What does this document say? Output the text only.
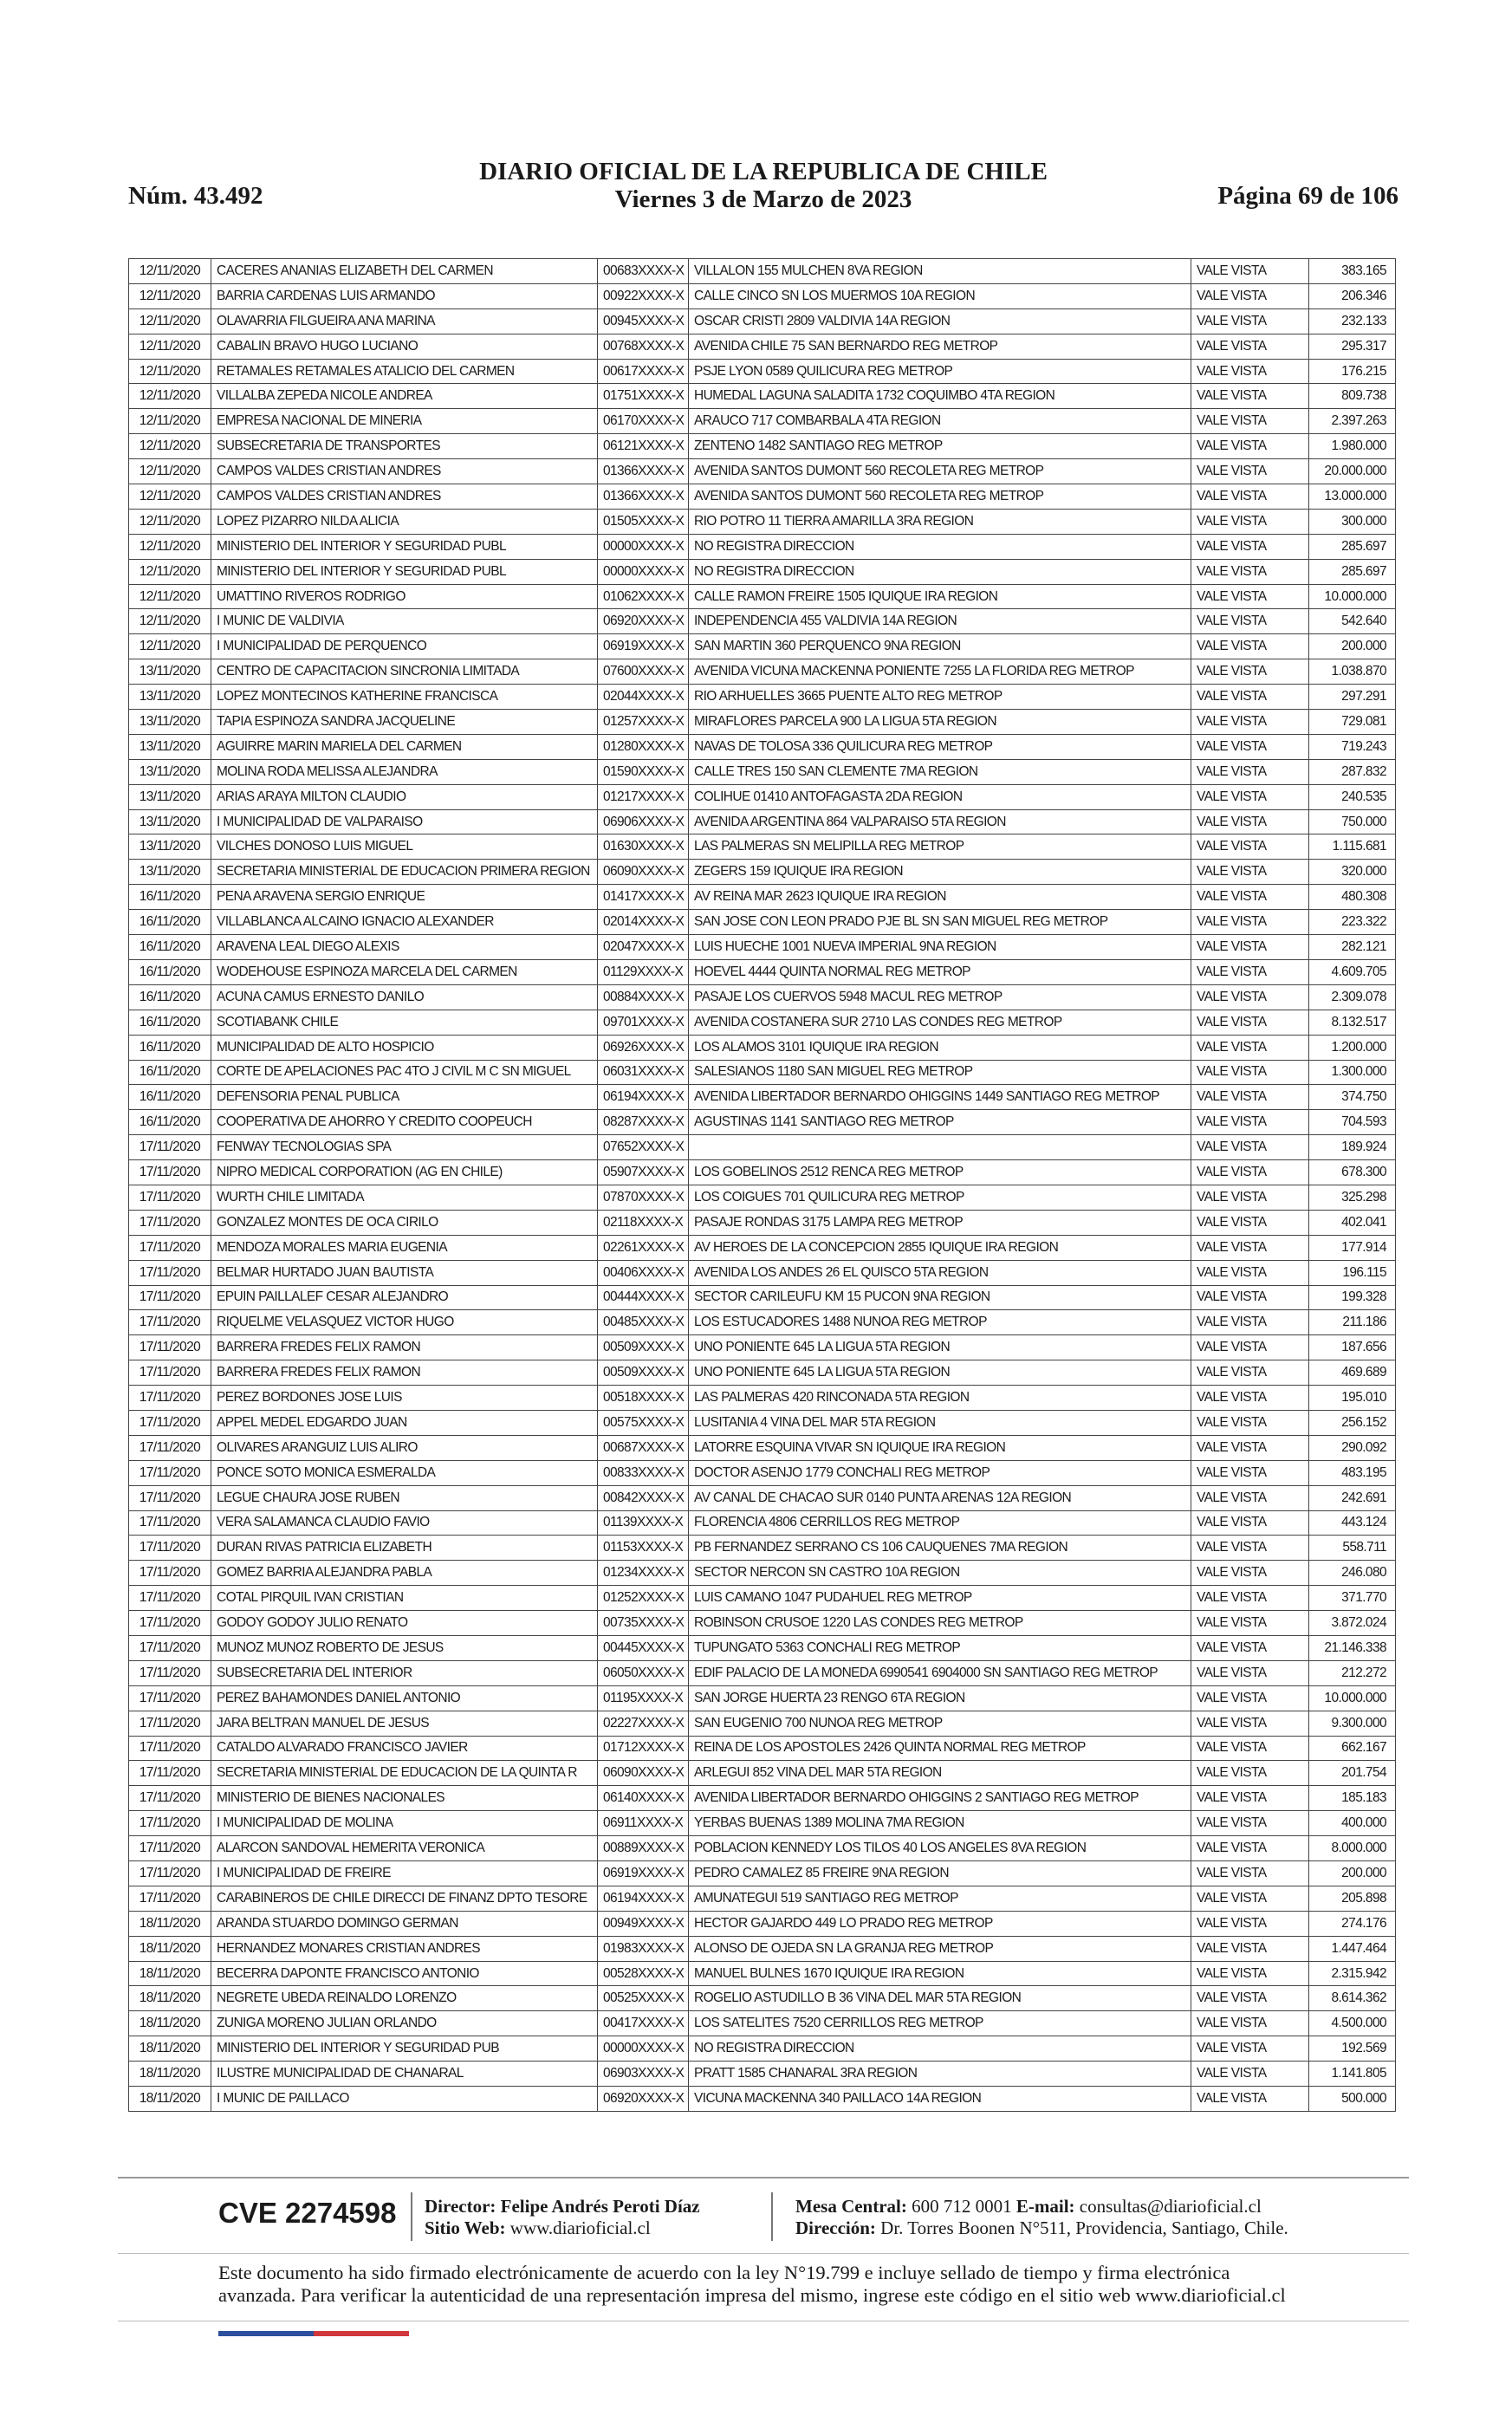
Núm. 43.492
DIARIO OFICIAL DE LA REPUBLICA DE CHILE
Viernes 3 de Marzo de 2023	Página 69 de 106
12/11/2020	CACERES ANANIAS ELIZABETH DEL CARMEN	00683XXXX-X	VILLALON 155 MULCHEN 8VA REGION	VALE VISTA	383.165
12/11/2020	BARRIA CARDENAS LUIS ARMANDO	00922XXXX-X	CALLE CINCO SN LOS MUERMOS 10A REGION	VALE VISTA	206.346
12/11/2020	OLAVARRIA FILGUEIRA ANA MARINA	00945XXXX-X	OSCAR CRISTI 2809 VALDIVIA 14A REGION	VALE VISTA	232.133
12/11/2020	CABALIN BRAVO HUGO LUCIANO	00768XXXX-X	AVENIDA CHILE 75 SAN BERNARDO REG METROP	VALE VISTA	295.317
12/11/2020	RETAMALES RETAMALES ATALICIO DEL CARMEN	00617XXXX-X	PSJE LYON 0589 QUILICURA REG METROP	VALE VISTA	176.215
12/11/2020	VILLALBA ZEPEDA NICOLE ANDREA	01751XXXX-X	HUMEDAL LAGUNA SALADITA 1732 COQUIMBO 4TA REGION	VALE VISTA	809.738
12/11/2020	EMPRESA NACIONAL DE MINERIA	06170XXXX-X	ARAUCO 717 COMBARBALA 4TA REGION	VALE VISTA	2.397.263
12/11/2020	SUBSECRETARIA DE TRANSPORTES	06121XXXX-X	ZENTENO 1482 SANTIAGO REG METROP	VALE VISTA	1.980.000
12/11/2020	CAMPOS VALDES CRISTIAN ANDRES	01366XXXX-X	AVENIDA SANTOS DUMONT 560 RECOLETA REG METROP	VALE VISTA	20.000.000
12/11/2020	CAMPOS VALDES CRISTIAN ANDRES	01366XXXX-X	AVENIDA SANTOS DUMONT 560 RECOLETA REG METROP	VALE VISTA	13.000.000
12/11/2020	LOPEZ PIZARRO NILDA ALICIA	01505XXXX-X	RIO POTRO 11 TIERRA AMARILLA 3RA REGION	VALE VISTA	300.000
12/11/2020	MINISTERIO DEL INTERIOR Y SEGURIDAD PUBL	00000XXXX-X	NO REGISTRA DIRECCION	VALE VISTA	285.697
12/11/2020	MINISTERIO DEL INTERIOR Y SEGURIDAD PUBL	00000XXXX-X	NO REGISTRA DIRECCION	VALE VISTA	285.697
12/11/2020	UMATTINO RIVEROS RODRIGO	01062XXXX-X	CALLE RAMON FREIRE 1505 IQUIQUE IRA REGION	VALE VISTA	10.000.000
12/11/2020	I MUNIC DE VALDIVIA	06920XXXX-X	INDEPENDENCIA 455 VALDIVIA 14A REGION	VALE VISTA	542.640
12/11/2020	I MUNICIPALIDAD DE PERQUENCO	06919XXXX-X	SAN MARTIN 360 PERQUENCO 9NA REGION	VALE VISTA	200.000
13/11/2020	CENTRO DE CAPACITACION SINCRONIA LIMITADA	07600XXXX-X	AVENIDA VICUNA MACKENNA PONIENTE 7255 LA FLORIDA REG METROP	VALE VISTA	1.038.870
13/11/2020	LOPEZ MONTECINOS KATHERINE FRANCISCA	02044XXXX-X	RIO ARHUELLES 3665 PUENTE ALTO REG METROP	VALE VISTA	297.291
13/11/2020	TAPIA ESPINOZA SANDRA JACQUELINE	01257XXXX-X	MIRAFLORES PARCELA 900 LA LIGUA 5TA REGION	VALE VISTA	729.081
13/11/2020	AGUIRRE MARIN MARIELA DEL CARMEN	01280XXXX-X	NAVAS DE TOLOSA 336 QUILICURA REG METROP	VALE VISTA	719.243
13/11/2020	MOLINA RODA MELISSA ALEJANDRA	01590XXXX-X	CALLE TRES 150 SAN CLEMENTE 7MA REGION	VALE VISTA	287.832
13/11/2020	ARIAS ARAYA MILTON CLAUDIO	01217XXXX-X	COLIHUE 01410 ANTOFAGASTA 2DA REGION	VALE VISTA	240.535
13/11/2020	I MUNICIPALIDAD DE VALPARAISO	06906XXXX-X	AVENIDA ARGENTINA 864 VALPARAISO 5TA REGION	VALE VISTA	750.000
13/11/2020	VILCHES DONOSO LUIS MIGUEL	01630XXXX-X	LAS PALMERAS SN MELIPILLA REG METROP	VALE VISTA	1.115.681
13/11/2020	SECRETARIA MINISTERIAL DE EDUCACION PRIMERA REGION	06090XXXX-X	ZEGERS 159 IQUIQUE IRA REGION	VALE VISTA	320.000
16/11/2020	PENA ARAVENA SERGIO ENRIQUE	01417XXXX-X	AV REINA MAR 2623 IQUIQUE IRA REGION	VALE VISTA	480.308
16/11/2020	VILLABLANCA ALCAINO IGNACIO ALEXANDER	02014XXXX-X	SAN JOSE CON LEON PRADO PJE BL SN SAN MIGUEL REG METROP	VALE VISTA	223.322
16/11/2020	ARAVENA LEAL DIEGO ALEXIS	02047XXXX-X	LUIS HUECHE 1001 NUEVA IMPERIAL 9NA REGION	VALE VISTA	282.121
16/11/2020	WODEHOUSE ESPINOZA MARCELA DEL CARMEN	01129XXXX-X	HOEVEL 4444 QUINTA NORMAL REG METROP	VALE VISTA	4.609.705
16/11/2020	ACUNA CAMUS ERNESTO DANILO	00884XXXX-X	PASAJE LOS CUERVOS 5948 MACUL REG METROP	VALE VISTA	2.309.078
16/11/2020	SCOTIABANK CHILE	09701XXXX-X	AVENIDA COSTANERA SUR 2710 LAS CONDES REG METROP	VALE VISTA	8.132.517
16/11/2020	MUNICIPALIDAD DE ALTO HOSPICIO	06926XXXX-X	LOS ALAMOS 3101 IQUIQUE IRA REGION	VALE VISTA	1.200.000
16/11/2020	CORTE DE APELACIONES PAC 4TO J CIVIL M C SN MIGUEL	06031XXXX-X	SALESIANOS 1180 SAN MIGUEL REG METROP	VALE VISTA	1.300.000
16/11/2020	DEFENSORIA PENAL PUBLICA	06194XXXX-X	AVENIDA LIBERTADOR BERNARDO OHIGGINS 1449 SANTIAGO REG METROP	VALE VISTA	374.750
16/11/2020	COOPERATIVA DE AHORRO Y CREDITO COOPEUCH	08287XXXX-X	AGUSTINAS 1141 SANTIAGO REG METROP	VALE VISTA	704.593
17/11/2020	FENWAY TECNOLOGIAS SPA	07652XXXX-X		VALE VISTA	189.924
17/11/2020	NIPRO MEDICAL CORPORATION (AG EN CHILE)	05907XXXX-X	LOS GOBELINOS 2512 RENCA REG METROP	VALE VISTA	678.300
17/11/2020	WURTH CHILE LIMITADA	07870XXXX-X	LOS COIGUES 701 QUILICURA REG METROP	VALE VISTA	325.298
17/11/2020	GONZALEZ MONTES DE OCA CIRILO	02118XXXX-X	PASAJE RONDAS 3175 LAMPA REG METROP	VALE VISTA	402.041
17/11/2020	MENDOZA MORALES MARIA EUGENIA	02261XXXX-X	AV HEROES DE LA CONCEPCION 2855 IQUIQUE IRA REGION	VALE VISTA	177.914
17/11/2020	BELMAR HURTADO JUAN BAUTISTA	00406XXXX-X	AVENIDA LOS ANDES 26 EL QUISCO 5TA REGION	VALE VISTA	196.115
17/11/2020	EPUIN PAILLALEF CESAR ALEJANDRO	00444XXXX-X	SECTOR CARILEUFU KM 15 PUCON 9NA REGION	VALE VISTA	199.328
17/11/2020	RIQUELME VELASQUEZ VICTOR HUGO	00485XXXX-X	LOS ESTUCADORES 1488 NUNOA REG METROP	VALE VISTA	211.186
17/11/2020	BARRERA FREDES FELIX RAMON	00509XXXX-X	UNO PONIENTE 645 LA LIGUA 5TA REGION	VALE VISTA	187.656
17/11/2020	BARRERA FREDES FELIX RAMON	00509XXXX-X	UNO PONIENTE 645 LA LIGUA 5TA REGION	VALE VISTA	469.689
17/11/2020	PEREZ BORDONES JOSE LUIS	00518XXXX-X	LAS PALMERAS 420 RINCONADA 5TA REGION	VALE VISTA	195.010
17/11/2020	APPEL MEDEL EDGARDO JUAN	00575XXXX-X	LUSITANIA 4 VINA DEL MAR 5TA REGION	VALE VISTA	256.152
17/11/2020	OLIVARES ARANGUIZ LUIS ALIRO	00687XXXX-X	LATORRE ESQUINA VIVAR SN IQUIQUE IRA REGION	VALE VISTA	290.092
17/11/2020	PONCE SOTO MONICA ESMERALDA	00833XXXX-X	DOCTOR ASENJO 1779 CONCHALI REG METROP	VALE VISTA	483.195
17/11/2020	LEGUE CHAURA JOSE RUBEN	00842XXXX-X	AV CANAL DE CHACAO SUR 0140 PUNTA ARENAS 12A REGION	VALE VISTA	242.691
17/11/2020	VERA SALAMANCA CLAUDIO FAVIO	01139XXXX-X	FLORENCIA 4806 CERRILLOS REG METROP	VALE VISTA	443.124
17/11/2020	DURAN RIVAS PATRICIA ELIZABETH	01153XXXX-X	PB FERNANDEZ SERRANO CS 106 CAUQUENES 7MA REGION	VALE VISTA	558.711
17/11/2020	GOMEZ BARRIA ALEJANDRA PABLA	01234XXXX-X	SECTOR NERCON SN CASTRO 10A REGION	VALE VISTA	246.080
17/11/2020	COTAL PIRQUIL IVAN CRISTIAN	01252XXXX-X	LUIS CAMANO 1047 PUDAHUEL REG METROP	VALE VISTA	371.770
17/11/2020	GODOY GODOY JULIO RENATO	00735XXXX-X	ROBINSON CRUSOE 1220 LAS CONDES REG METROP	VALE VISTA	3.872.024
17/11/2020	MUNOZ MUNOZ ROBERTO DE JESUS	00445XXXX-X	TUPUNGATO 5363 CONCHALI REG METROP	VALE VISTA	21.146.338
17/11/2020	SUBSECRETARIA DEL INTERIOR	06050XXXX-X	EDIF PALACIO DE LA MONEDA 6990541 6904000 SN SANTIAGO REG METROP	VALE VISTA	212.272
17/11/2020	PEREZ BAHAMONDES DANIEL ANTONIO	01195XXXX-X	SAN JORGE HUERTA 23 RENGO 6TA REGION	VALE VISTA	10.000.000
17/11/2020	JARA BELTRAN MANUEL DE JESUS	02227XXXX-X	SAN EUGENIO 700 NUNOA REG METROP	VALE VISTA	9.300.000
17/11/2020	CATALDO ALVARADO FRANCISCO JAVIER	01712XXXX-X	REINA DE LOS APOSTOLES 2426 QUINTA NORMAL REG METROP	VALE VISTA	662.167
17/11/2020	SECRETARIA MINISTERIAL DE EDUCACION DE LA QUINTA R	06090XXXX-X	ARLEGUI 852 VINA DEL MAR 5TA REGION	VALE VISTA	201.754
17/11/2020	MINISTERIO DE BIENES NACIONALES	06140XXXX-X	AVENIDA LIBERTADOR BERNARDO OHIGGINS 2 SANTIAGO REG METROP	VALE VISTA	185.183
17/11/2020	I MUNICIPALIDAD DE MOLINA	06911XXXX-X	YERBAS BUENAS 1389 MOLINA 7MA REGION	VALE VISTA	400.000
17/11/2020	ALARCON SANDOVAL HEMERITA VERONICA	00889XXXX-X	POBLACION KENNEDY LOS TILOS 40 LOS ANGELES 8VA REGION	VALE VISTA	8.000.000
17/11/2020	I MUNICIPALIDAD DE FREIRE	06919XXXX-X	PEDRO CAMALEZ 85 FREIRE 9NA REGION	VALE VISTA	200.000
17/11/2020	CARABINEROS DE CHILE DIRECCI DE FINANZ DPTO TESORE	06194XXXX-X	AMUNATEGUI 519 SANTIAGO REG METROP	VALE VISTA	205.898
18/11/2020	ARANDA STUARDO DOMINGO GERMAN	00949XXXX-X	HECTOR GAJARDO 449 LO PRADO REG METROP	VALE VISTA	274.176
18/11/2020	HERNANDEZ MONARES CRISTIAN ANDRES	01983XXXX-X	ALONSO DE OJEDA SN LA GRANJA REG METROP	VALE VISTA	1.447.464
18/11/2020	BECERRA DAPONTE FRANCISCO ANTONIO	00528XXXX-X	MANUEL BULNES 1670 IQUIQUE IRA REGION	VALE VISTA	2.315.942
18/11/2020	NEGRETE UBEDA REINALDO LORENZO	00525XXXX-X	ROGELIO ASTUDILLO B 36 VINA DEL MAR 5TA REGION	VALE VISTA	8.614.362
18/11/2020	ZUNIGA MORENO JULIAN ORLANDO	00417XXXX-X	LOS SATELITES 7520 CERRILLOS REG METROP	VALE VISTA	4.500.000
18/11/2020	MINISTERIO DEL INTERIOR Y SEGURIDAD PUB	00000XXXX-X	NO REGISTRA DIRECCION	VALE VISTA	192.569
18/11/2020	ILUSTRE MUNICIPALIDAD DE CHANARAL	06903XXXX-X	PRATT 1585 CHANARAL 3RA REGION	VALE VISTA	1.141.805
18/11/2020	I MUNIC DE PAILLACO	06920XXXX-X	VICUNA MACKENNA 340 PAILLACO 14A REGION	VALE VISTA	500.000
CVE 2274598 Director: Felipe Andrés Peroti Díaz
Sitio Web: www.diarioficial.cl
Mesa Central: 600 712 0001 E-mail: consultas@diarioficial.cl
Dirección: Dr. Torres Boonen N°511, Providencia, Santiago, Chile.
Este documento ha sido firmado electrónicamente de acuerdo con la ley N°19.799 e incluye sellado de tiempo y firma electrónica
avanzada. Para verificar la autenticidad de una representación impresa del mismo, ingrese este código en el sitio web www.diarioficial.cl
